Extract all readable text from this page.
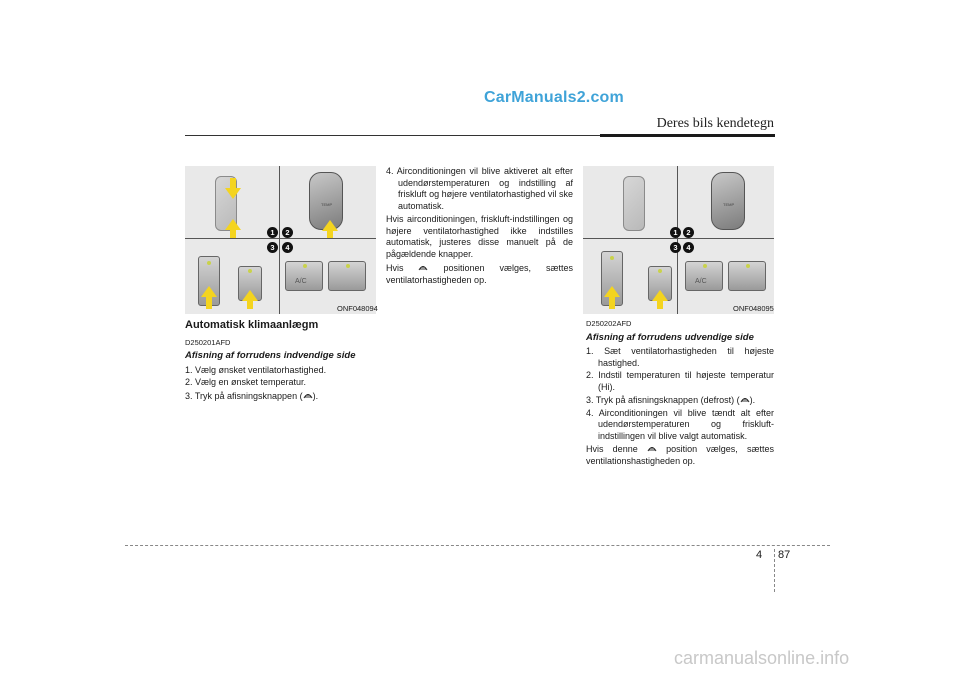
CarManuals2.com
Deres bils kendetegn
1
TEMP
2
3
A/C
4
ONF048094
Automatisk klimaanlægm
D250201AFD
Afisning af forrudens indvendige side

1. Vælg ønsket ventilatorhastighed.

2. Vælg en ønsket temperatur.

3. Tryk på afisningsknappen ( ).

4. Airconditioningen vil blive aktiveret alt efter udendørstemperaturen og indstilling af friskluft og højere ventilatorhastighed vil ske automatisk.

Hvis airconditioningen, friskluft-indstillingen og højere ventilatorhastighed ikke indstilles automatisk, justeres disse manuelt på de pågældende knapper.

Hvis	positionen vælges, sættes ventilatorhastigheden op.

1
TEMP
2
3
A/C
4
ONF048095
D250202AFD
Afisning af forrudens udvendige side

1. Sæt ventilatorhastigheden til højeste hastighed.

2. Indstil temperaturen til højeste temperatur (Hi).

3. Tryk på afisningsknappen (defrost) ( ).

4. Airconditioningen vil blive tændt alt efter udendørstemperaturen og friskluft-indstillingen vil blive valgt automatisk.

Hvis denne	position vælges, sættes ventilationshastigheden op.

4 87
carmanualsonline.info
